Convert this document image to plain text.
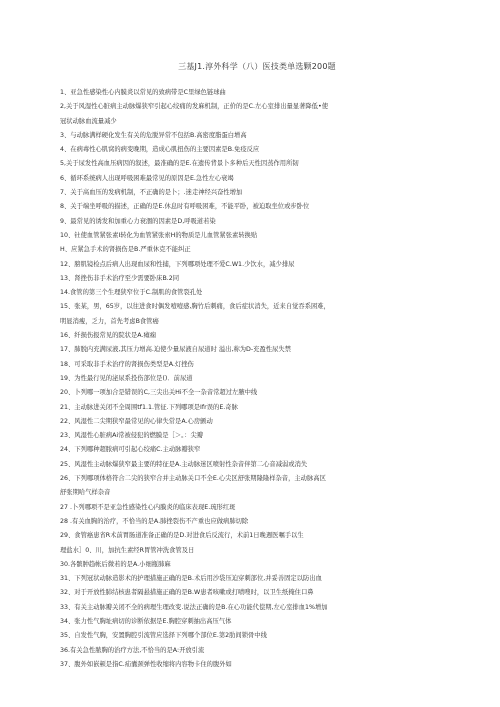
三基J1.淳外科学（八）医技类单选颗200题
1、亚急性感染性心内膜炎以常见的致病带是C里绿色链球曲
2,关于风湿性心脏病主动脉爆狭窄引起心绞痛的发麻机制，正价的是C.左心室排出量显著降低•使
冠状动脉血流量减少
3、与动脉满样硬化发生有关的危脱异常不包括B.高密度脂蛋白增高
4、在病毒性心肌窝的病变晚期，造成心肌扭伤的主要因素是B.免疫反应
5,关于尿发性高血压病因的叙述，最准确的是E.在遗传背景卜多种后天性因蒸作用所韧
6、循环系统病人出现呼吸困难最常见的原因是E.急性左心衰竭
7、关于高血压的发病机制，不正确的是卜；.迷走神经兴奋性增加
8、关于端坐呼吸的描述，正确的是E.休息时有呼吸困难，不能平卧，被迫取坐位或步卧位
9、最常见的诱发和加重心力衰涸的因素是D,呼吸道若染
10、钍使血管紧张素I转化为血管紧张索H的物质是儿血管紧张素转换贴
H、应紧急手术的肾损伤是B.严重休克不能纠正
12、膀肌镜检点后病人出现血尿和性捕，下列哪项处理不爱C.W1.少饮水，减少排尿
13、肾挫伤非手术治疗至少需要卧床B.2同
14.食管的第三个生理狭窄位于C.制肌的食管裂孔处
15、张某，男，65岁，以往进食时偶发噎噎感,胸竹后刺痛，食后症状消失，近来自觉吞系困难，
明显消瘦，乏力，首先考虑B食管癌
16、纤损伤报常见的院状是A.瘫痫
17、肺脱内充满尿液,其压力增高.迫使少量尿液自尿道时 溢出,称为D-充盈性尿失禁
18、可采取非手术治疗的肾损伤类型是A.灯挫伤
19、为性最行见的泌尿系投伤部位是()．前尿道
20、卜列哪一项加合是错误的C,三尖出关Hi不全一杂音常超过左腋中线
21、主动脉进关闭不全周围tf1.1.管征.下列哪项是Ifr误的E.奇脉
22、风湿性二尖期狭窄最常见的心律失常是A.心房颤动
23、风湿性心脏病Ai常被侵犯的燃膜是［＞。：尖瓣
24、下列哪种超脓病可引起心绞痛C.主动脉瓣狭窄
25、风湿性主动脉爆狭窄最主要的特征是A.主动脉迷区喷射性杂音伴第二心音减弱或消失
26、下列哪项体格符合二尖的狭窄合并主动脉关口不全E.心尖区舒张期隆隆样杂音，主动脉高区
舒张期哈气样杂音
27 .卜列哪项不是亚急性感染性心内膜炎的临床表现E.琉形红斑
28 .有关血胸的治疗，不恰当的是A.肺挫裂伤不产重也应做病肺切除
29、食管癌患省R术前胃肠道准备正确的是D.对进食后反流行，术前1日晚週医嘱手以生
理盐水］0、川，加抗生素经R胃管冲洗食管及日
30.各髌肿趋帐后微若的是A.小细瓶肺麻
31、下列冠状动脉造影术的护理措施正确的是B.术后用沙袋压迫穿刺部位,并妥善固定以防出血
32、对于开放性肺结核患者隔悬措施正确的是B.W患者咳嗽或打喷嗖时，以卫生纸掩住口鼻
33、有关主动脉瓣关闭不全的病理生理改变.说法正确的是B.在心功能代偿期,左心室排血1%增加
34、张力性气胸址病切的诊断依据是E.胸腔穿刺抽出高压气体
35、自发性气胸，安置胸腔引流管应选择下列哪个部位E.第2肋间锁骨中线
36.有关急性脓胸的治疗方法,不恰当的是A:开放引流
37、腹外如嵌顿是指C.疝囊颈弹性收缩将内容物卡住的腹外如
